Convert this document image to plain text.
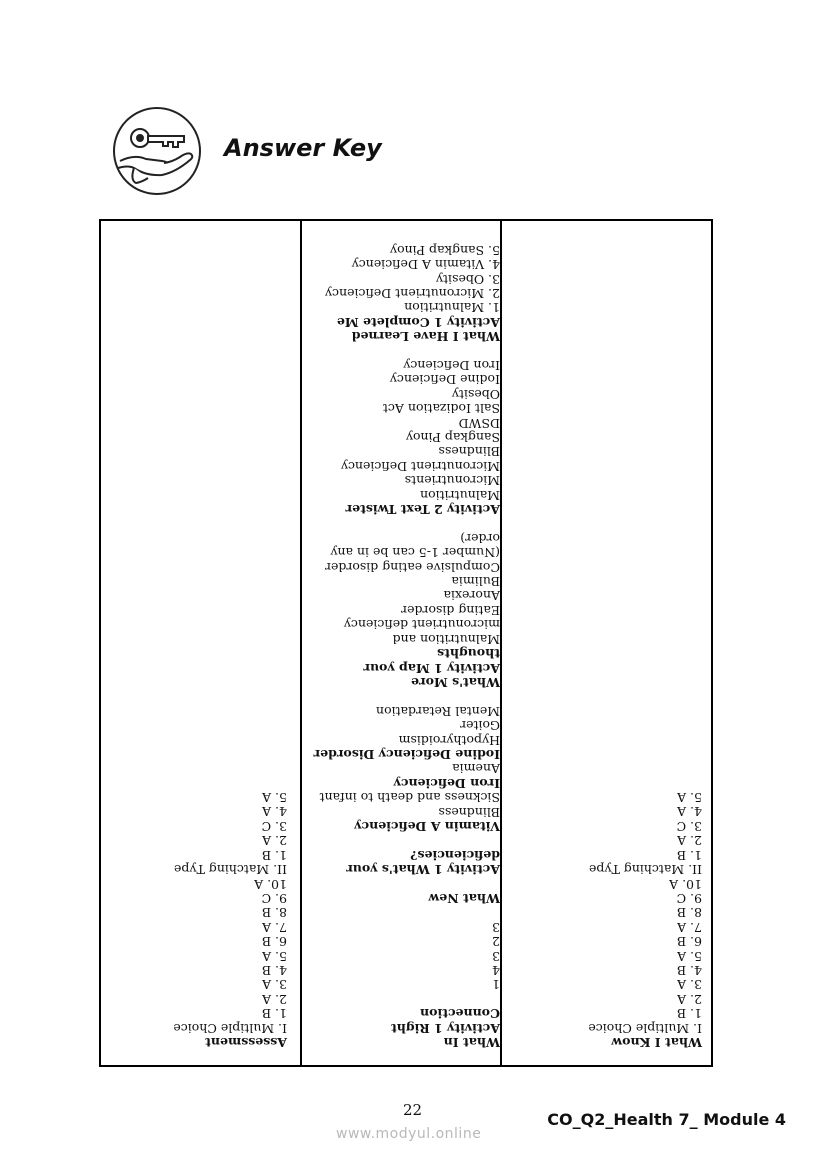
Answer Key
Assessment
I. Multiple Choice
1. B
2. A
3. A
4. B
5. A
6. B
7. A
8. B
9. C
10. A
II. Matching Type
1. B
2. A
3. C
4. A
5. A
What In
Activity 1 Right
Connection
1
4
3
2
3
What New
Activity 1 What's your
deficiencies?
Vitamin A Deficiency
Blindness
Sickness and death to infant
Iron Deficiency
Anemia
Iodine Deficiency Disorder
Hypothyroidism
Goiter
Mental Retardation
What's More
Activity 1 Map your
thoughts
Malnutrition and
micronutrient deficiency
Eating disorder
Anorexia
Bulimia
Compulsive eating disorder
(Number 1-5 can be in any
order)
Activity 2 Text Twister
Malnutrition
Micronutrients
Micronutrient Deficiency
Blindness
Sangkap Pinoy
DSWD
Salt Iodization Act
Obesity
Iodine Deficiency
Iron Deficiency
What I Have Learned
Activity 1 Complete Me
1. Malnutrition
2. Micronutrient Deficiency
3. Obesity
4. Vitamin A Deficiency
5. Sangkap Pinoy
What I Know
I. Multiple Choice
1. B
2. A
3. A
4. B
5. A
6. B
7. A
8. B
9. C
10. A
II. Matching Type
1. B
2. A
3. C
4. A
5. A
22	CO_Q2_Health 7_ Module 4
www.modyul.online
